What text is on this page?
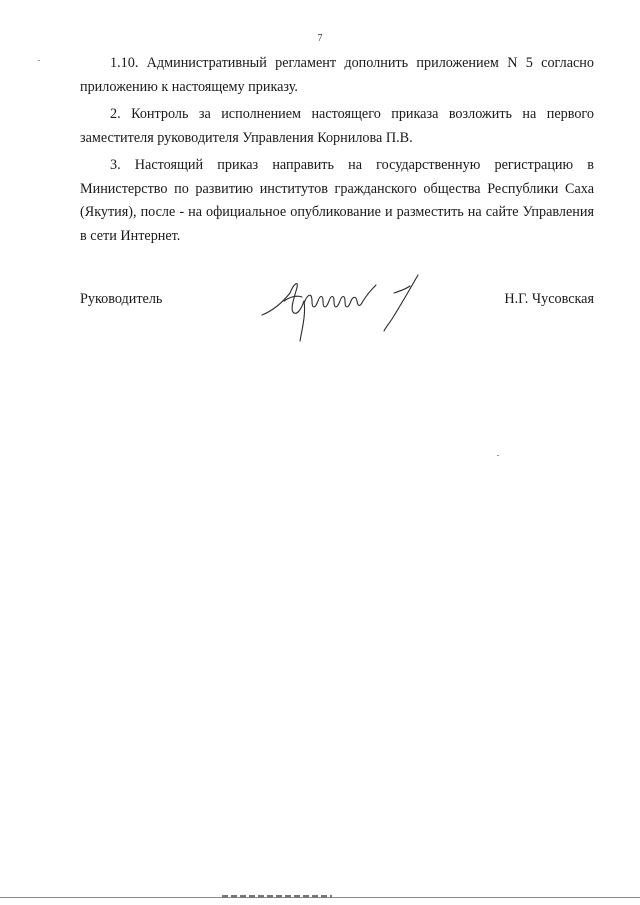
7

1.10. Административный регламент дополнить приложением N 5 согласно приложению к настоящему приказу.

2. Контроль за исполнением настоящего приказа возложить на первого заместителя руководителя Управления Корнилова П.В.

3. Настоящий приказ направить на государственную регистрацию в Министерство по развитию институтов гражданского общества Республики Саха (Якутия), после - на официальное опубликование и разместить на сайте Управления в сети Интернет.

Руководитель	Н.Г. Чусовская
